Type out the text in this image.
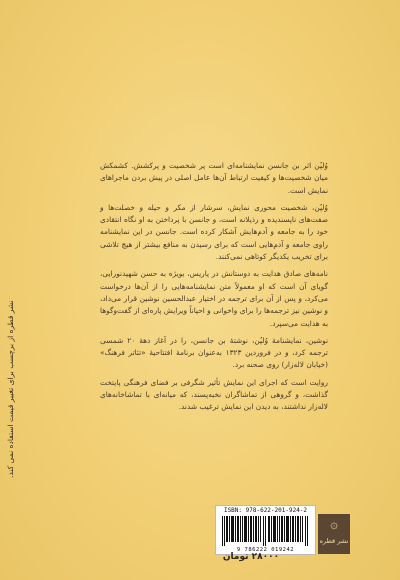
نشر قطره از برچسب برای تغییر قیمت استفاده نمی کند.

وُلپُن اثر بن جانسن نمایشنامه‌ای است پر شخصیت و پرکشش. کشمکش میان شخصیت‌ها و کیفیت ارتباط آن‌ها عامل اصلی در پیش بردن ماجراهای نمایش است.

وُلپُن، شخصیت محوری نمایش، سرشار از مکر و حیله و خصلت‌ها و صفت‌های ناپسندیده و رذیلانه است، و جانسن با پرداختن به او نگاه انتقادی خود را به جامعه و آدم‌هایش آشکار کرده است. جانسن در این نمایشنامه راوی جامعه و آدم‌هایی است که برای رسیدن به منافع بیشتر از هیچ تلاشی برای تخریب یکدیگر کوتاهی نمی‌کنند.

نامه‌های صادق هدایت به دوستانش در پاریس، بویژه به حسن شهیدنورایی، گویای آن است که او معمولاً متن نمایشنامه‌هایی را از آن‌ها درخواست می‌کرد، و پس از آن برای ترجمه در اختیار عبدالحسین نوشین قرار می‌داد، و نوشین نیز ترجمه‌ها را برای واخوانی و احیاناً ویرایش پاره‌ای از گفت‌وگوها به هدایت می‌سپرد.

نوشین، نمایشنامهٔ وُلپُن، نوشتهٔ بن جانسن، را در آغاز دههٔ ۲۰ شمسی ترجمه کرد، و در فروردین ۱۳۲۳ به‌عنوان برنامهٔ افتتاحیهٔ «تئاتر فرهنگ» (خیابان لاله‌زار) روی صحنه برد.

روایت است که اجرای این نمایش تأثیر شگرفی بر فضای فرهنگی پایتخت گذاشت، و گروهی از تماشاگران نخبه‌پسند، که میانه‌ای با تماشاخانه‌های لاله‌زار نداشتند، به دیدن این نمایش ترغیب شدند.

ISBN: 978-622-201-924-2
9 786222 019242
۞
نشر قطره
۲۸۰۰۰ تومان
